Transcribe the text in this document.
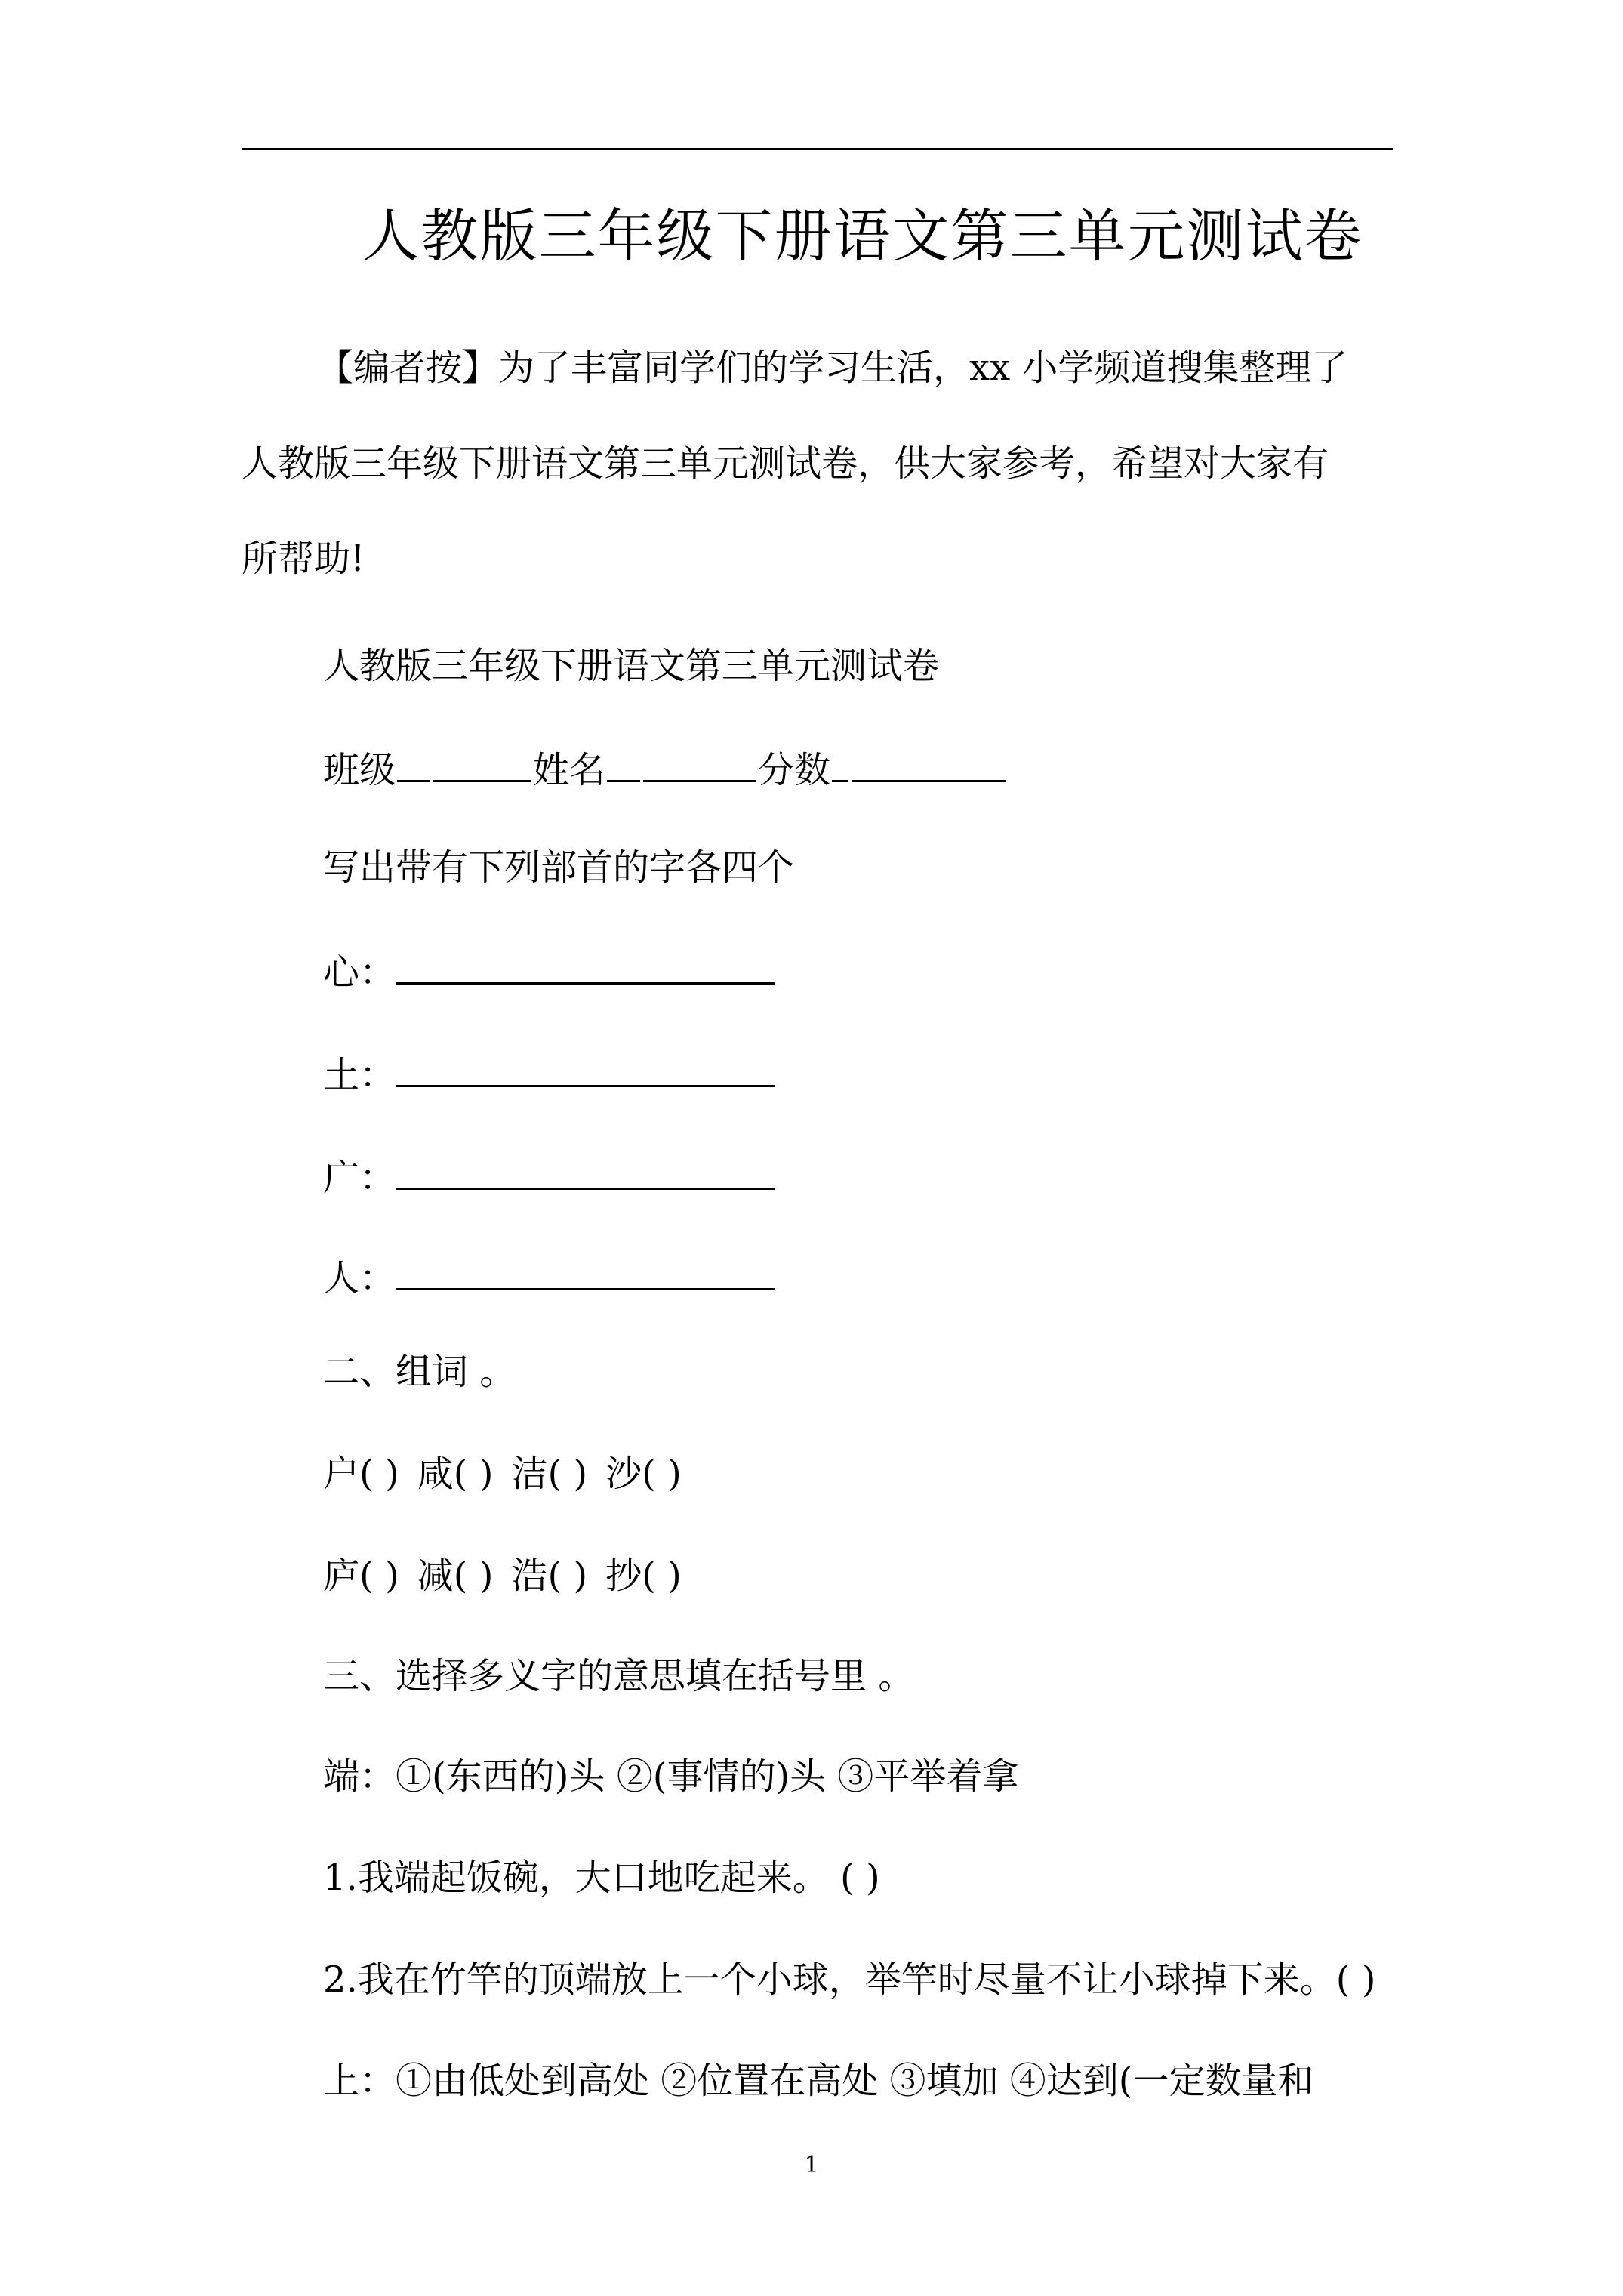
人教版三年级下册语文第三单元测试卷
【编者按】为了丰富同学们的学习生活，xx 小学频道搜集整理了
人教版三年级下册语文第三单元测试卷，供大家参考，希望对大家有
所帮助!
人教版三年级下册语文第三单元测试卷
班级	姓名	分数
写出带有下列部首的字各四个
心：
土：
广：
人：
二、组词 。
户( ) 咸( ) 洁( ) 沙( )
庐( ) 减( ) 浩( ) 抄( )
三、选择多义字的意思填在括号里 。
端：①(东西的)头 ②(事情的)头 ③平举着拿
1.我端起饭碗，大口地吃起来。 ( )
2.我在竹竿的顶端放上一个小球，举竿时尽量不让小球掉下来。( )
上：①由低处到高处 ②位置在高处 ③填加 ④达到(一定数量和
1
